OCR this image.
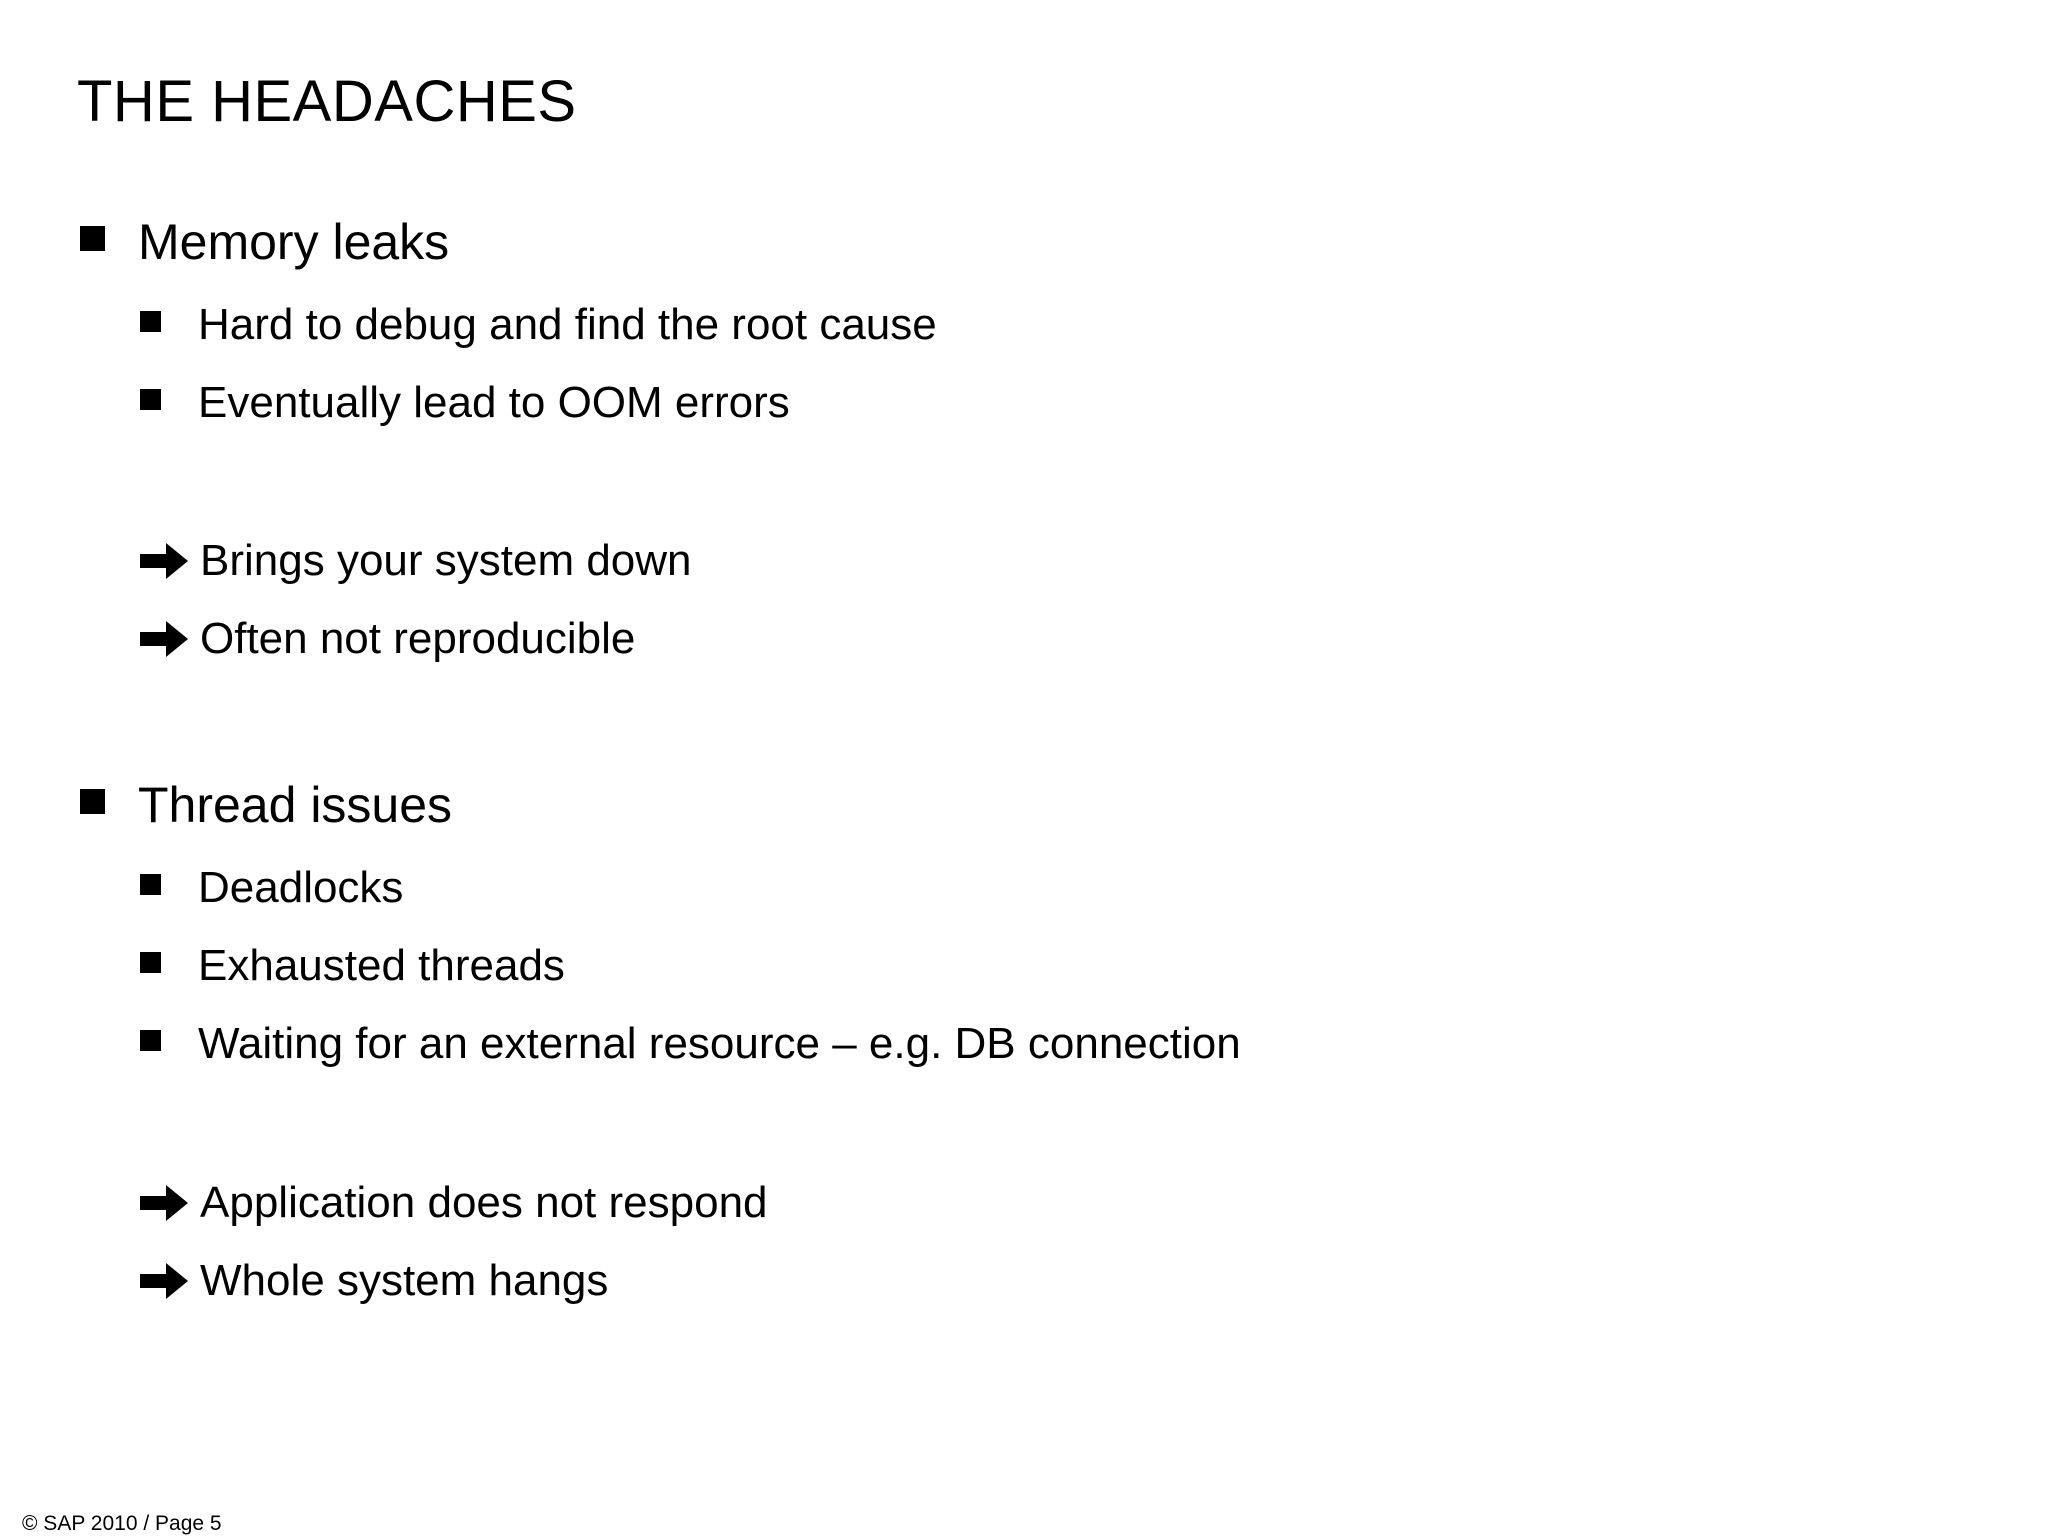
THE HEADACHES
Memory leaks
Hard to debug and find the root cause
Eventually lead to OOM errors
Brings your system down
Often not reproducible
Thread issues
Deadlocks
Exhausted threads
Waiting for an external resource – e.g. DB connection
Application does not respond
Whole system hangs
© SAP 2010 / Page 5
